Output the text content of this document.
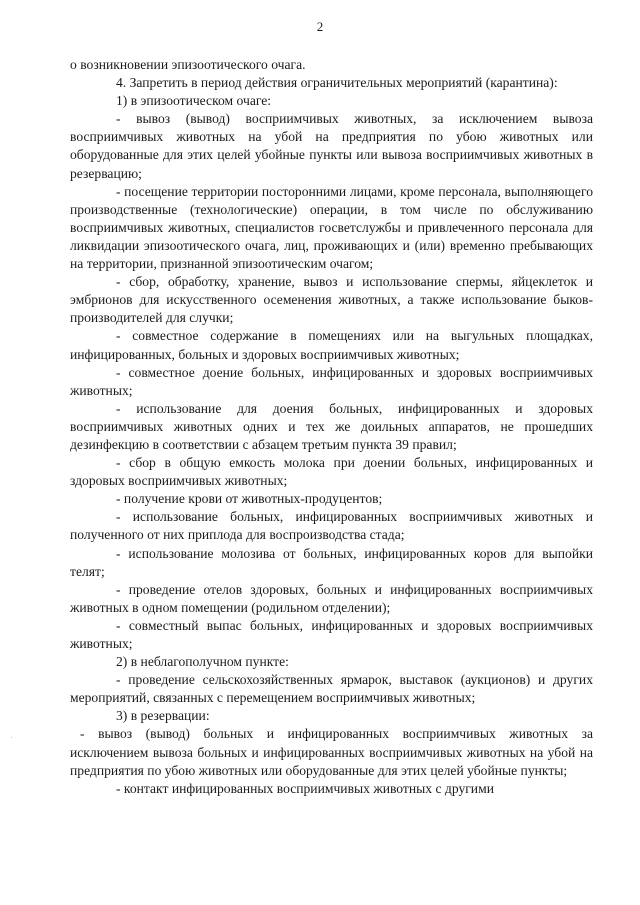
2

о возникновении эпизоотического очага.

4. Запретить в период действия ограничительных мероприятий (карантина):

1) в эпизоотическом очаге:

- вывоз (вывод) восприимчивых животных, за исключением вывоза восприимчивых животных на убой на предприятия по убою животных или оборудованные для этих целей убойные пункты или вывоза восприимчивых животных в резервацию;

- посещение территории посторонними лицами, кроме персонала, выполняющего производственные (технологические) операции, в том числе по обслуживанию восприимчивых животных, специалистов госветслужбы и привлеченного персонала для ликвидации эпизоотического очага, лиц, проживающих и (или) временно пребывающих на территории, признанной эпизоотическим очагом;

- сбор, обработку, хранение, вывоз и использование спермы, яйцеклеток и эмбрионов для искусственного осеменения животных, а также использование быков-производителей для случки;

- совместное содержание в помещениях или на выгульных площадках, инфицированных, больных и здоровых восприимчивых животных;

- совместное доение больных, инфицированных и здоровых восприимчивых животных;

- использование для доения больных, инфицированных и здоровых восприимчивых животных одних и тех же доильных аппаратов, не прошедших дезинфекцию в соответствии с абзацем третьим пункта 39 правил;

- сбор в общую емкость молока при доении больных, инфицированных и здоровых восприимчивых животных;

- получение крови от животных-продуцентов;

- использование больных, инфицированных восприимчивых животных и полученного от них приплода для воспроизводства стада;

- использование молозива от больных, инфицированных коров для выпойки телят;

- проведение отелов здоровых, больных и инфицированных восприимчивых животных в одном помещении (родильном отделении);

- совместный выпас больных, инфицированных и здоровых восприимчивых животных;

2) в неблагополучном пункте:

- проведение сельскохозяйственных ярмарок, выставок (аукционов) и других мероприятий, связанных с перемещением восприимчивых животных;

3) в резервации:

- вывоз (вывод) больных и инфицированных восприимчивых животных за исключением вывоза больных и инфицированных восприимчивых животных на убой на предприятия по убою животных или оборудованные для этих целей убойные пункты;

- контакт инфицированных восприимчивых животных с другими
